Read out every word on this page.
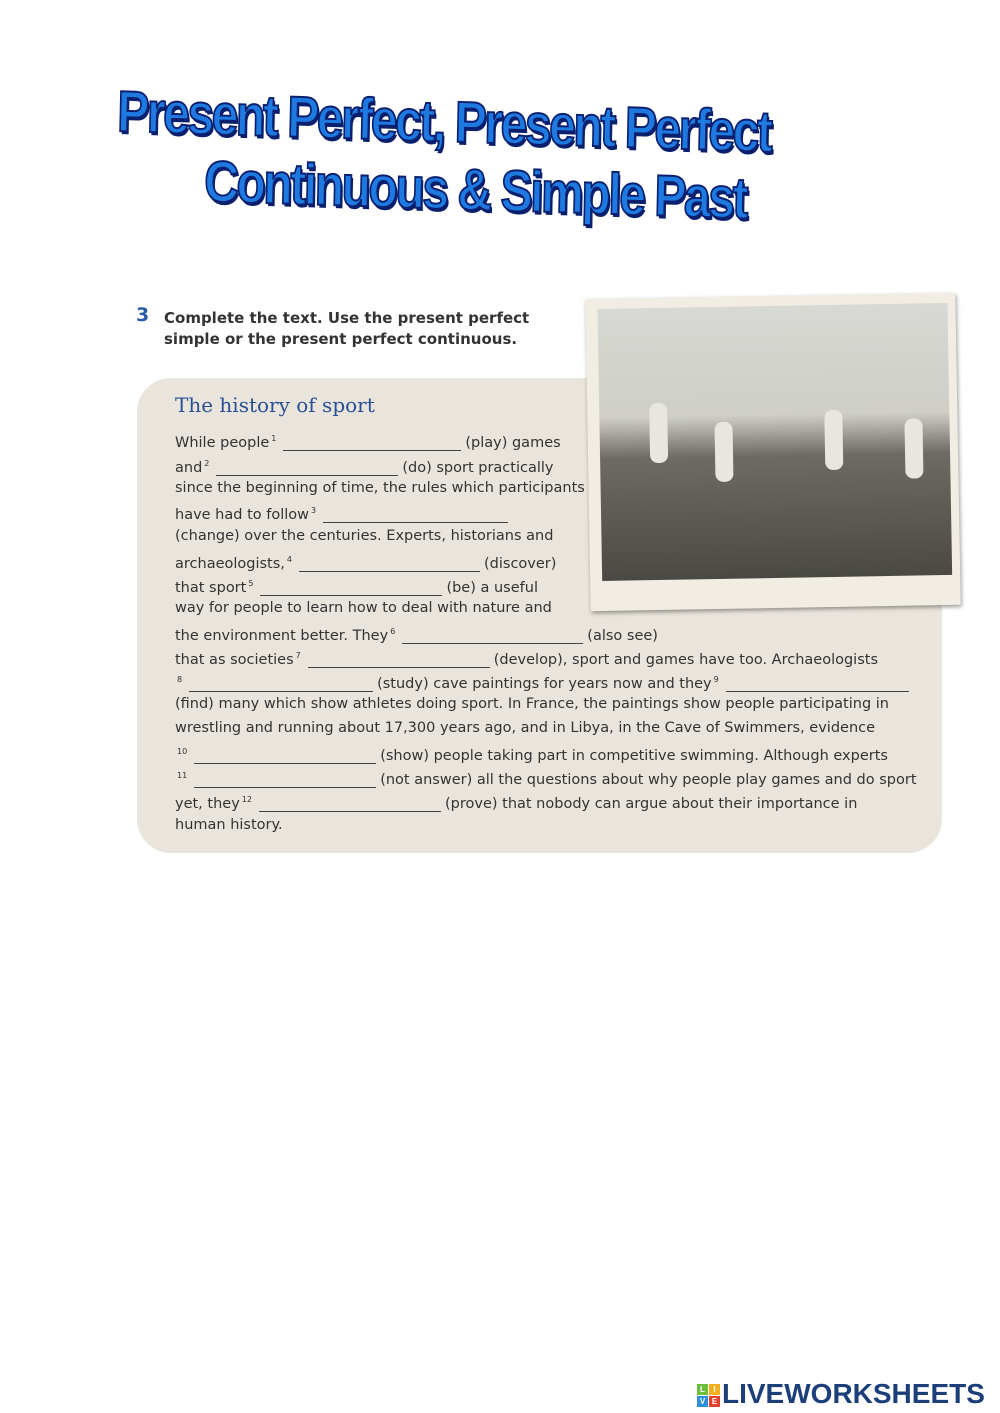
Present Perfect, Present Perfect
Continuous & Simple Past
3 Complete the text. Use the present perfect
simple or the present perfect continuous.
The history of sport
While people $^1$	(play) games
and $^2$	(do) sport practically
since the beginning of time, the rules which participants
have had to follow $^3$
(change) over the centuries. Experts, historians and
archaeologists, $^4$	(discover)
that sport $^5$	(be) a useful
way for people to learn how to deal with nature and
the environment better. They $^6$	(also see)
that as societies $^7$	(develop), sport and games have too. Archaeologists
$^8$	(study) cave paintings for years now and they $^9$
(find) many which show athletes doing sport. In France, the paintings show people participating in
wrestling and running about 17,300 years ago, and in Libya, in the Cave of Swimmers, evidence
$^{10}$	(show) people taking part in competitive swimming. Although experts
$^{11}$	(not answer) all the questions about why people play games and do sport
yet, they $^{12}$	(prove) that nobody can argue about their importance in
human history.
L	I
V E LIVEWORKSHEETS
